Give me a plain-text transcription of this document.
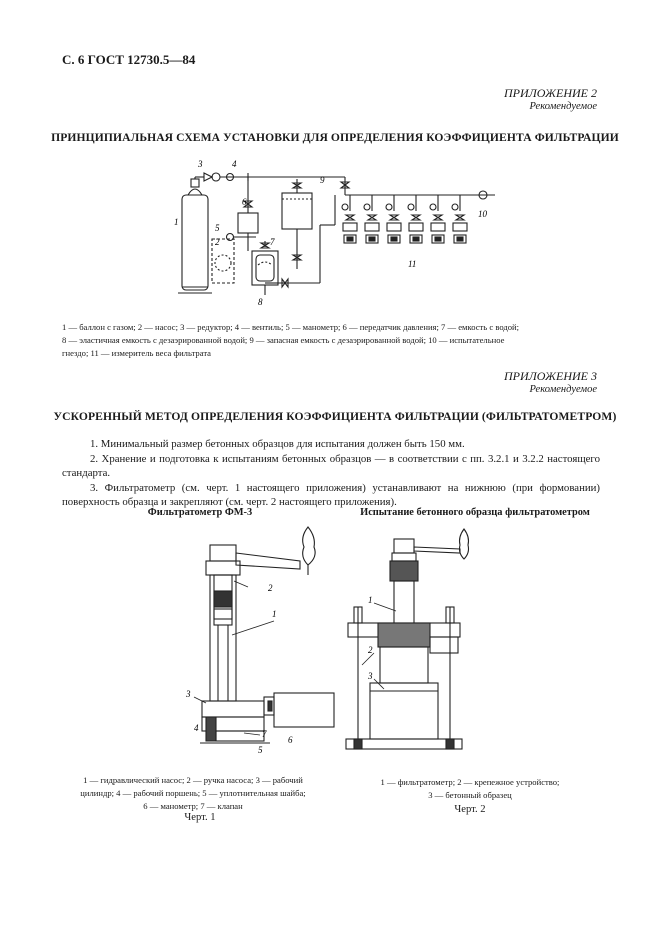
С. 6 ГОСТ 12730.5—84
ПРИЛОЖЕНИЕ 2
Рекомендуемое
ПРИНЦИПИАЛЬНАЯ СХЕМА УСТАНОВКИ ДЛЯ ОПРЕДЕЛЕНИЯ КОЭФФИЦИЕНТА ФИЛЬТРАЦИИ
1
2
3	4
5
6
7
8
9
10
11
1 — баллон с газом; 2 — насос; 3 — редуктор; 4 — вентиль; 5 — манометр; 6 — передатчик давления; 7 — емкость с водой;
8 — эластичная емкость с дезаэрированной водой; 9 — запасная емкость с дезаэрированной водой; 10 — испытательное
гнездо; 11 — измеритель веса фильтрата
ПРИЛОЖЕНИЕ 3
Рекомендуемое
УСКОРЕННЫЙ МЕТОД ОПРЕДЕЛЕНИЯ КОЭФФИЦИЕНТА ФИЛЬТРАЦИИ (ФИЛЬТРАТОМЕТРОМ)
1. Минимальный размер бетонных образцов для испытания должен быть 150 мм.
2. Хранение и подготовка к испытаниям бетонных образцов — в соответствии с пп. 3.2.1 и 3.2.2 настоящего стандарта.
3. Фильтратометр (см. черт. 1 настоящего приложения) устанавливают на нижнюю (при формовании) поверхность образца и закрепляют (см. черт. 2 настоящего приложения).
Фильтратометр ФМ-3	Испытание бетонного образца фильтратометром
1
2
3
4
5
6
7
1
2
3
1 — гидравлический насос; 2 — ручка насоса; 3 — рабочий
цилиндр; 4 — рабочий поршень; 5 — уплотнительная шайба;
6 — манометр; 7 — клапан
Черт. 1
1 — фильтратометр; 2 — крепежное устройство;
3 — бетонный образец
Черт. 2
